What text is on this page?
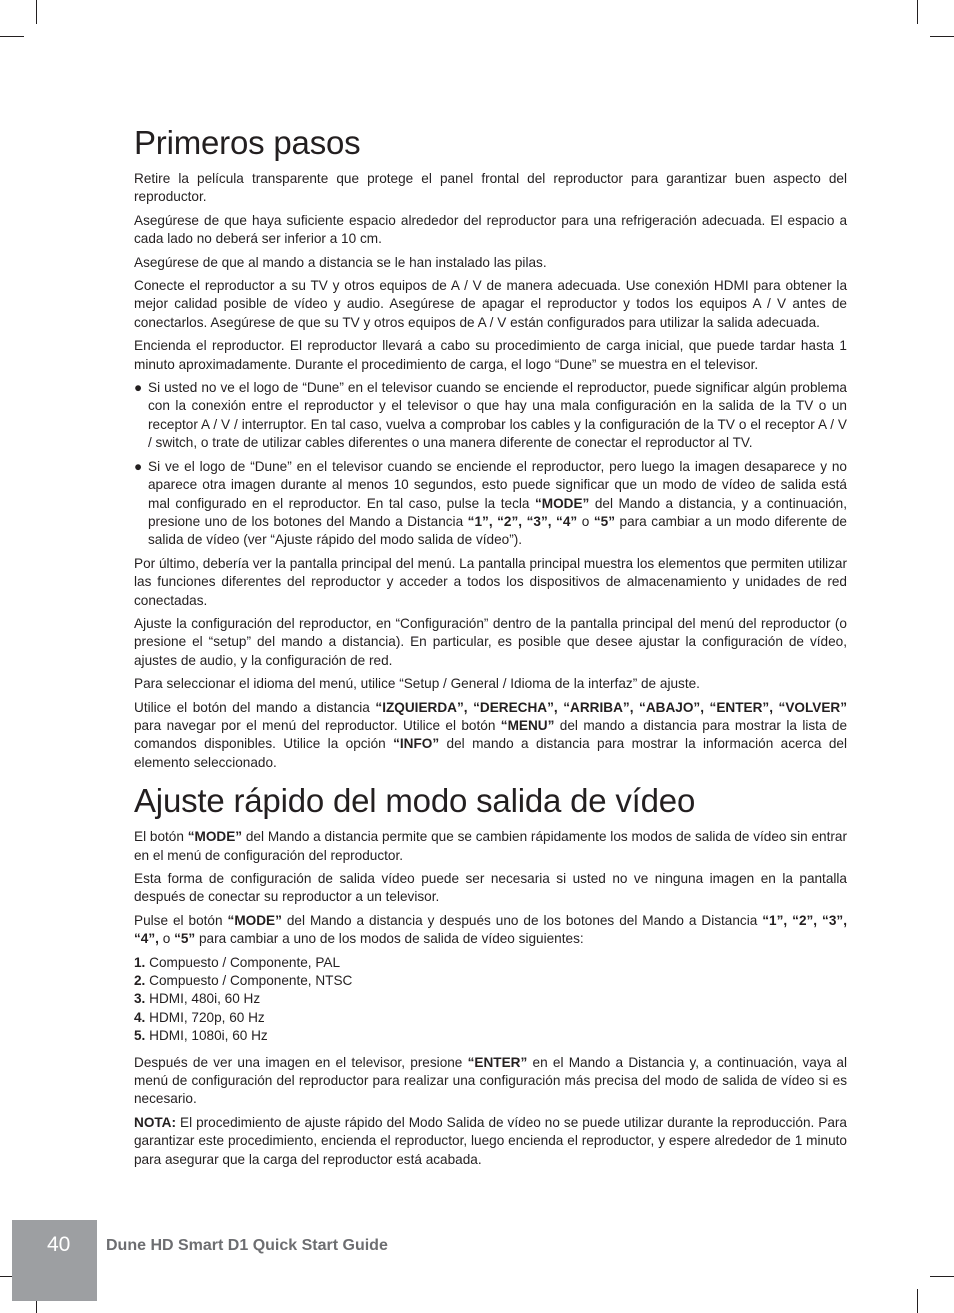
Primeros pasos

Retire la película transparente que protege el panel frontal del reproductor para garantizar buen aspecto del reproductor.

Asegúrese de que haya suficiente espacio alrededor del reproductor para una refrigeración adecuada. El espacio a cada lado no deberá ser inferior a 10 cm.

Asegúrese de que al mando a distancia se le han instalado las pilas.

Conecte el reproductor a su TV y otros equipos de A / V de manera adecuada. Use conexión HDMI para obtener la mejor calidad posible de vídeo y audio. Asegúrese de apagar el reproductor y todos los equipos A / V antes de conectarlos. Asegúrese de que su TV y otros equipos de A / V están configurados para utilizar la salida adecuada.

Encienda el reproductor. El reproductor llevará a cabo su procedimiento de carga inicial, que puede tardar hasta 1 minuto aproximadamente. Durante el procedimiento de carga, el logo “Dune” se muestra en el televisor.

● Si usted no ve el logo de “Dune” en el televisor cuando se enciende el reproductor, puede significar algún problema con la conexión entre el reproductor y el televisor o que hay una mala configuración en la salida de la TV o un receptor A / V / interruptor. En tal caso, vuelva a comprobar los cables y la configuración de la TV o el receptor A / V / switch, o trate de utilizar cables diferentes o una manera diferente de conectar el reproductor al TV.
● Si ve el logo de “Dune” en el televisor cuando se enciende el reproductor, pero luego la imagen desaparece y no aparece otra imagen durante al menos 10 segundos, esto puede significar que un modo de vídeo de salida está mal configurado en el reproductor. En tal caso, pulse la tecla “MODE” del Mando a distancia, y a continuación, presione uno de los botones del Mando a Distancia “1”, “2”, “3”, “4” o “5” para cambiar a un modo diferente de salida de vídeo (ver “Ajuste rápido del modo salida de vídeo”).

Por último, debería ver la pantalla principal del menú. La pantalla principal muestra los elementos que permiten utilizar las funciones diferentes del reproductor y acceder a todos los dispositivos de almacenamiento y unidades de red conectadas.

Ajuste la configuración del reproductor, en “Configuración” dentro de la pantalla principal del menú del reproductor (o presione el “setup” del mando a distancia). En particular, es posible que desee ajustar la configuración de vídeo, ajustes de audio, y la configuración de red.

Para seleccionar el idioma del menú, utilice “Setup / General / Idioma de la interfaz” de ajuste.

Utilice el botón del mando a distancia “IZQUIERDA”, “DERECHA”, “ARRIBA”, “ABAJO”, “ENTER”, “VOLVER” para navegar por el menú del reproductor. Utilice el botón “MENU” del mando a distancia para mostrar la lista de comandos disponibles. Utilice la opción “INFO” del mando a distancia para mostrar la información acerca del elemento seleccionado.

Ajuste rápido del modo salida de vídeo

El botón “MODE” del Mando a distancia permite que se cambien rápidamente los modos de salida de vídeo sin entrar en el menú de configuración del reproductor.

Esta forma de configuración de salida vídeo puede ser necesaria si usted no ve ninguna imagen en la pantalla después de conectar su reproductor a un televisor.

Pulse el botón “MODE” del Mando a distancia y después uno de los botones del Mando a Distancia “1”, “2”, “3”, “4”, o “5” para cambiar a uno de los modos de salida de vídeo siguientes:

1. Compuesto / Componente, PAL
2. Compuesto / Componente, NTSC
3. HDMI, 480i, 60 Hz
4. HDMI, 720p, 60 Hz
5. HDMI, 1080i, 60 Hz

Después de ver una imagen en el televisor, presione “ENTER” en el Mando a Distancia y, a continuación, vaya al menú de configuración del reproductor para realizar una configuración más precisa del modo de salida de vídeo si es necesario.

NOTA: El procedimiento de ajuste rápido del Modo Salida de vídeo no se puede utilizar durante la reproducción. Para garantizar este procedimiento, encienda el reproductor, luego encienda el reproductor, y espere alrededor de 1 minuto para asegurar que la carga del reproductor está acabada.

40 Dune HD Smart D1 Quick Start Guide
